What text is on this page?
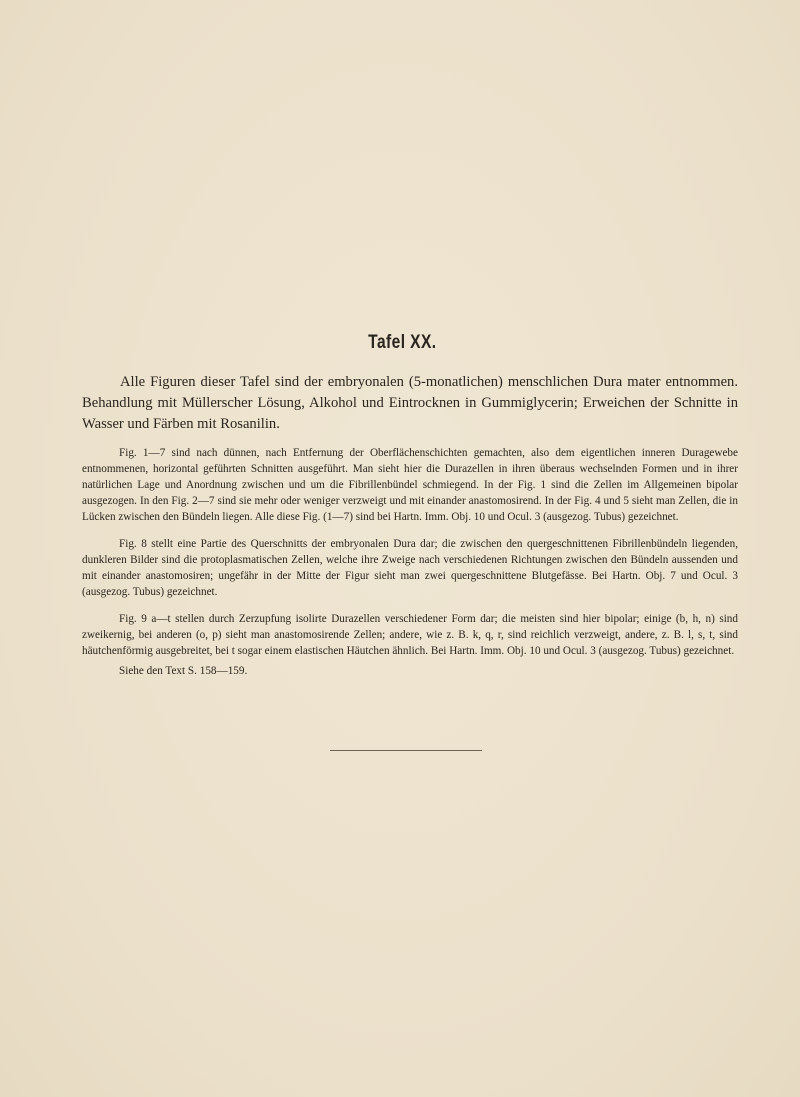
Tafel XX.
Alle Figuren dieser Tafel sind der embryonalen (5-monatlichen) menschlichen Dura mater entnommen. Behandlung mit Müllerscher Lösung, Alkohol und Eintrocknen in Gummiglycerin; Erweichen der Schnitte in Wasser und Färben mit Rosanilin.

Fig. 1—7 sind nach dünnen, nach Entfernung der Oberflächenschichten gemachten, also dem eigentlichen inneren Duragewebe entnommenen, horizontal geführten Schnitten ausgeführt. Man sieht hier die Durazellen in ihren überaus wechselnden Formen und in ihrer natürlichen Lage und Anordnung zwischen und um die Fibrillenbündel schmiegend. In der Fig. 1 sind die Zellen im Allgemeinen bipolar ausgezogen. In den Fig. 2—7 sind sie mehr oder weniger verzweigt und mit einander anastomosirend. In der Fig. 4 und 5 sieht man Zellen, die in Lücken zwischen den Bündeln liegen. Alle diese Fig. (1—7) sind bei Hartn. Imm. Obj. 10 und Ocul. 3 (ausgezog. Tubus) gezeichnet.

Fig. 8 stellt eine Partie des Querschnitts der embryonalen Dura dar; die zwischen den quergeschnittenen Fibrillenbündeln liegenden, dunkleren Bilder sind die protoplasmatischen Zellen, welche ihre Zweige nach verschiedenen Richtungen zwischen den Bündeln aussenden und mit einander anastomosiren; ungefähr in der Mitte der Figur sieht man zwei quergeschnittene Blutgefässe. Bei Hartn. Obj. 7 und Ocul. 3 (ausgezog. Tubus) gezeichnet.

Fig. 9 a—t stellen durch Zerzupfung isolirte Durazellen verschiedener Form dar; die meisten sind hier bipolar; einige (b, h, n) sind zweikernig, bei anderen (o, p) sieht man anastomosirende Zellen; andere, wie z. B. k, q, r, sind reichlich verzweigt, andere, z. B. l, s, t, sind häutchenförmig ausgebreitet, bei t sogar einem elastischen Häutchen ähnlich. Bei Hartn. Imm. Obj. 10 und Ocul. 3 (ausgezog. Tubus) gezeichnet.

Siehe den Text S. 158—159.
